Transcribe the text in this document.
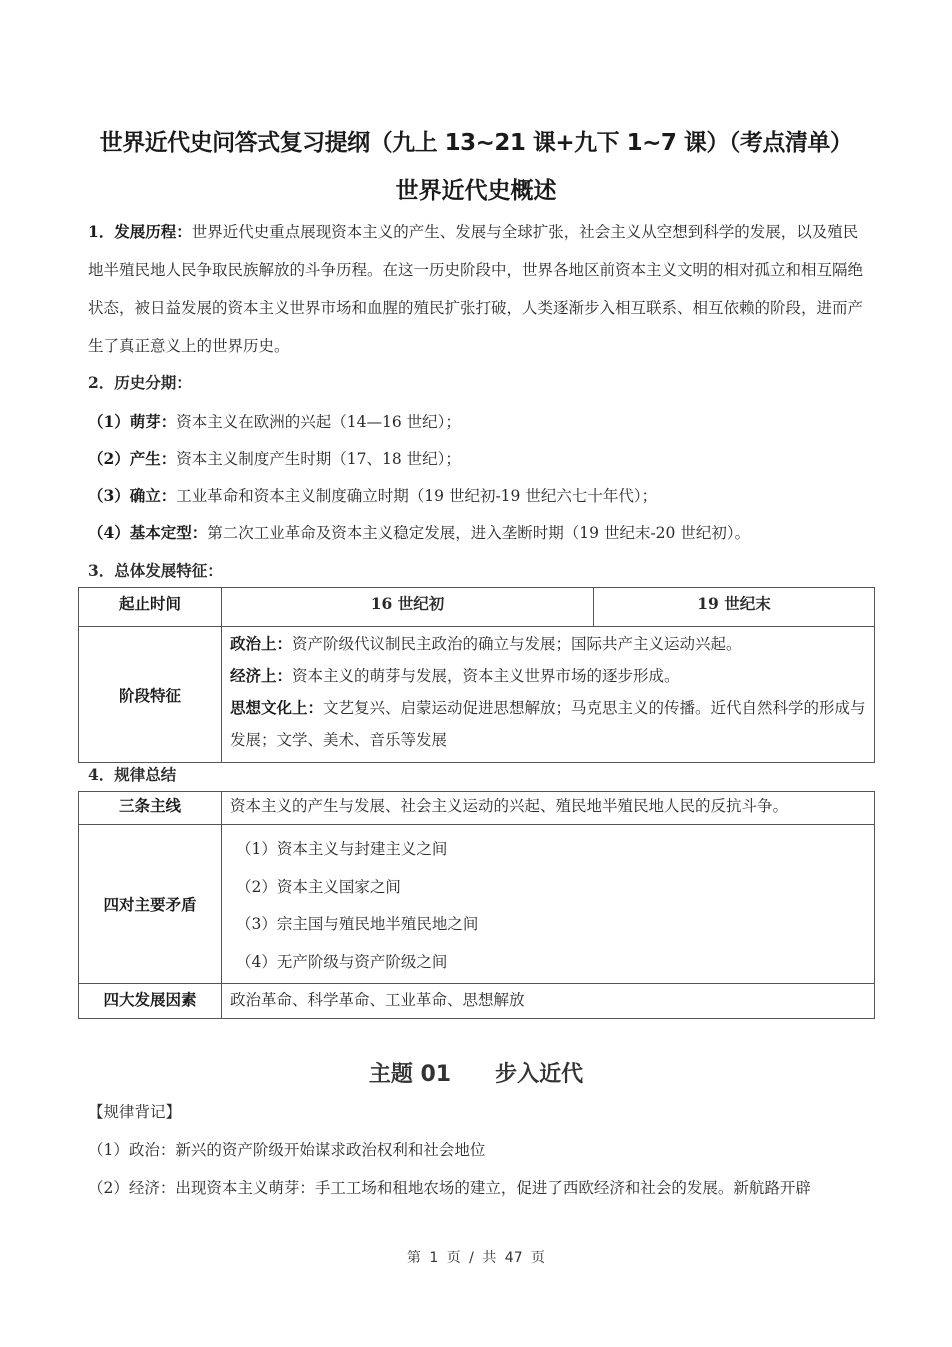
世界近代史问答式复习提纲（九上 13~21 课+九下 1~7 课）（考点清单）
世界近代史概述
1．发展历程：世界近代史重点展现资本主义的产生、发展与全球扩张，社会主义从空想到科学的发展，以及殖民地半殖民地人民争取民族解放的斗争历程。在这一历史阶段中，世界各地区前资本主义文明的相对孤立和相互隔绝状态，被日益发展的资本主义世界市场和血腥的殖民扩张打破，人类逐渐步入相互联系、相互依赖的阶段，进而产生了真正意义上的世界历史。
2．历史分期：
（1）萌芽：资本主义在欧洲的兴起（14—16 世纪）；
（2）产生：资本主义制度产生时期（17、18 世纪）；
（3）确立：工业革命和资本主义制度确立时期（19 世纪初-19 世纪六七十年代）；
（4）基本定型：第二次工业革命及资本主义稳定发展，进入垄断时期（19 世纪末-20 世纪初）。
3．总体发展特征：
起止时间	16 世纪初	19 世纪末
阶段特征	政治上：资产阶级代议制民主政治的确立与发展；国际共产主义运动兴起。
经济上：资本主义的萌芽与发展，资本主义世界市场的逐步形成。
思想文化上：文艺复兴、启蒙运动促进思想解放；马克思主义的传播。近代自然科学的形成与发展；文学、美术、音乐等发展	
4．规律总结
三条主线	资本主义的产生与发展、社会主义运动的兴起、殖民地半殖民地人民的反抗斗争。
四对主要矛盾	（1）资本主义与封建主义之间
（2）资本主义国家之间
（3）宗主国与殖民地半殖民地之间
（4）无产阶级与资产阶级之间

四大发展因素	政治革命、科学革命、工业革命、思想解放
主题 01 步入近代
【规律背记】
（1）政治：新兴的资产阶级开始谋求政治权利和社会地位
（2）经济：出现资本主义萌芽：手工工场和租地农场的建立，促进了西欧经济和社会的发展。新航路开辟
第 1 页 / 共 47 页
